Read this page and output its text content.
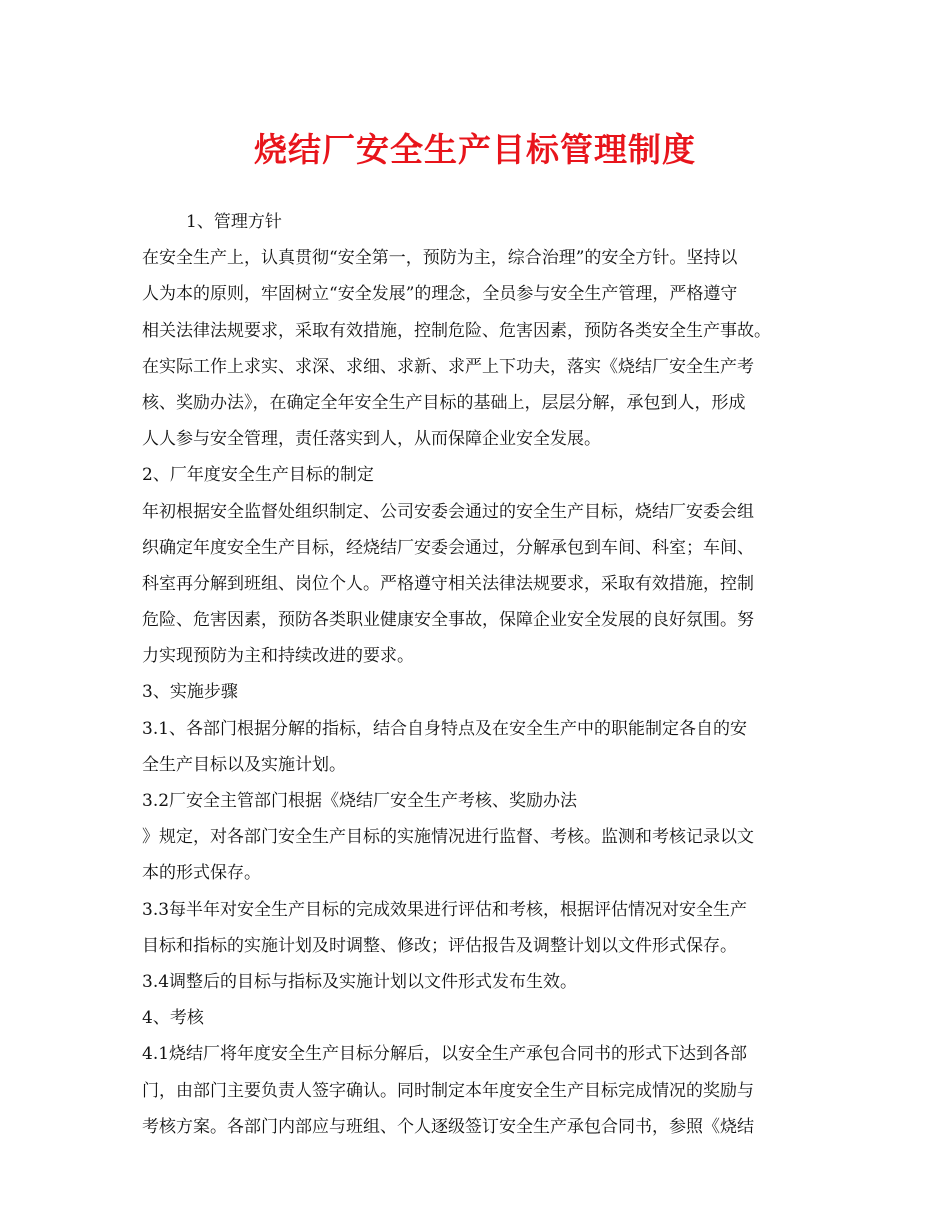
烧结厂安全生产目标管理制度
1、管理方针
在安全生产上，认真贯彻“安全第一，预防为主，综合治理”的安全方针。坚持以
人为本的原则，牢固树立“安全发展”的理念，全员参与安全生产管理，严格遵守
相关法律法规要求，采取有效措施，控制危险、危害因素，预防各类安全生产事故。
在实际工作上求实、求深、求细、求新、求严上下功夫，落实《烧结厂安全生产考
核、奖励办法》，在确定全年安全生产目标的基础上，层层分解，承包到人，形成
人人参与安全管理，责任落实到人，从而保障企业安全发展。
2、厂年度安全生产目标的制定
年初根据安全监督处组织制定、公司安委会通过的安全生产目标，烧结厂安委会组
织确定年度安全生产目标，经烧结厂安委会通过，分解承包到车间、科室；车间、
科室再分解到班组、岗位个人。严格遵守相关法律法规要求，采取有效措施，控制
危险、危害因素，预防各类职业健康安全事故，保障企业安全发展的良好氛围。努
力实现预防为主和持续改进的要求。
3、实施步骤
3.1、各部门根据分解的指标，结合自身特点及在安全生产中的职能制定各自的安
全生产目标以及实施计划。
3.2厂安全主管部门根据《烧结厂安全生产考核、奖励办法
》规定，对各部门安全生产目标的实施情况进行监督、考核。监测和考核记录以文
本的形式保存。
3.3每半年对安全生产目标的完成效果进行评估和考核，根据评估情况对安全生产
目标和指标的实施计划及时调整、修改；评估报告及调整计划以文件形式保存。
3.4调整后的目标与指标及实施计划以文件形式发布生效。
4、考核
4.1烧结厂将年度安全生产目标分解后，以安全生产承包合同书的形式下达到各部
门，由部门主要负责人签字确认。同时制定本年度安全生产目标完成情况的奖励与
考核方案。各部门内部应与班组、个人逐级签订安全生产承包合同书，参照《烧结
